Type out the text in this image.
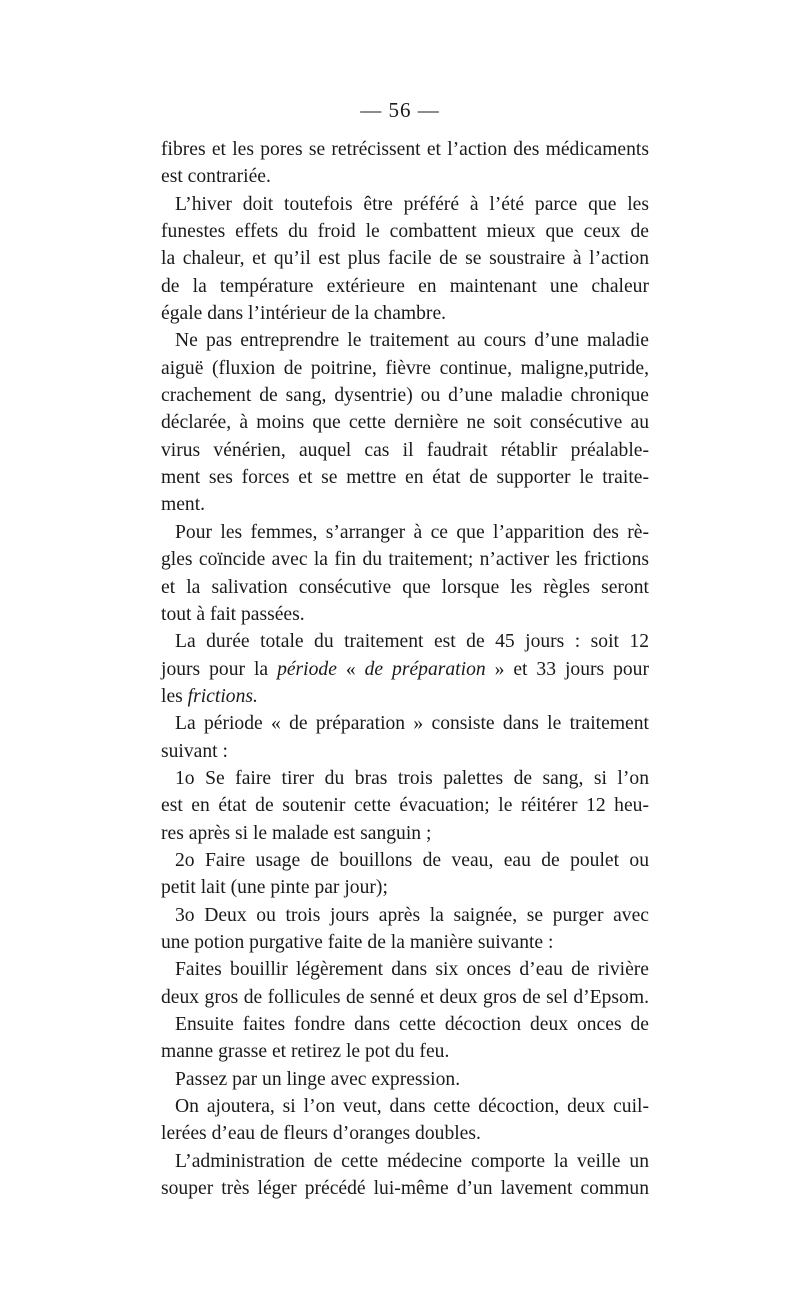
— 56 —
fibres et les pores se retrécissent et l’action des médicaments
est contrariée.
L’hiver doit toutefois être préféré à l’été parce que les
funestes effets du froid le combattent mieux que ceux de
la chaleur, et qu’il est plus facile de se soustraire à l’action
de la température extérieure en maintenant une chaleur
égale dans l’intérieur de la chambre.
Ne pas entreprendre le traitement au cours d’une maladie
aiguë (fluxion de poitrine, fièvre continue, maligne,putride,
crachement de sang, dysentrie) ou d’une maladie chronique
déclarée, à moins que cette dernière ne soit consécutive au
virus vénérien, auquel cas il faudrait rétablir préalable-
ment ses forces et se mettre en état de supporter le traite-
ment.
Pour les femmes, s’arranger à ce que l’apparition des rè-
gles coïncide avec la fin du traitement; n’activer les frictions
et la salivation consécutive que lorsque les règles seront
tout à fait passées.
La durée totale du traitement est de 45 jours : soit 12
jours pour la période « de préparation » et 33 jours pour
les frictions.
La période « de préparation » consiste dans le traitement
suivant :
1o Se faire tirer du bras trois palettes de sang, si l’on
est en état de soutenir cette évacuation; le réitérer 12 heu-
res après si le malade est sanguin ;
2o Faire usage de bouillons de veau, eau de poulet ou
petit lait (une pinte par jour);
3o Deux ou trois jours après la saignée, se purger avec
une potion purgative faite de la manière suivante :
Faites bouillir légèrement dans six onces d’eau de rivière
deux gros de follicules de senné et deux gros de sel d’Epsom.
Ensuite faites fondre dans cette décoction deux onces de
manne grasse et retirez le pot du feu.
Passez par un linge avec expression.
On ajoutera, si l’on veut, dans cette décoction, deux cuil-
lerées d’eau de fleurs d’oranges doubles.
L’administration de cette médecine comporte la veille un
souper très léger précédé lui-même d’un lavement commun
